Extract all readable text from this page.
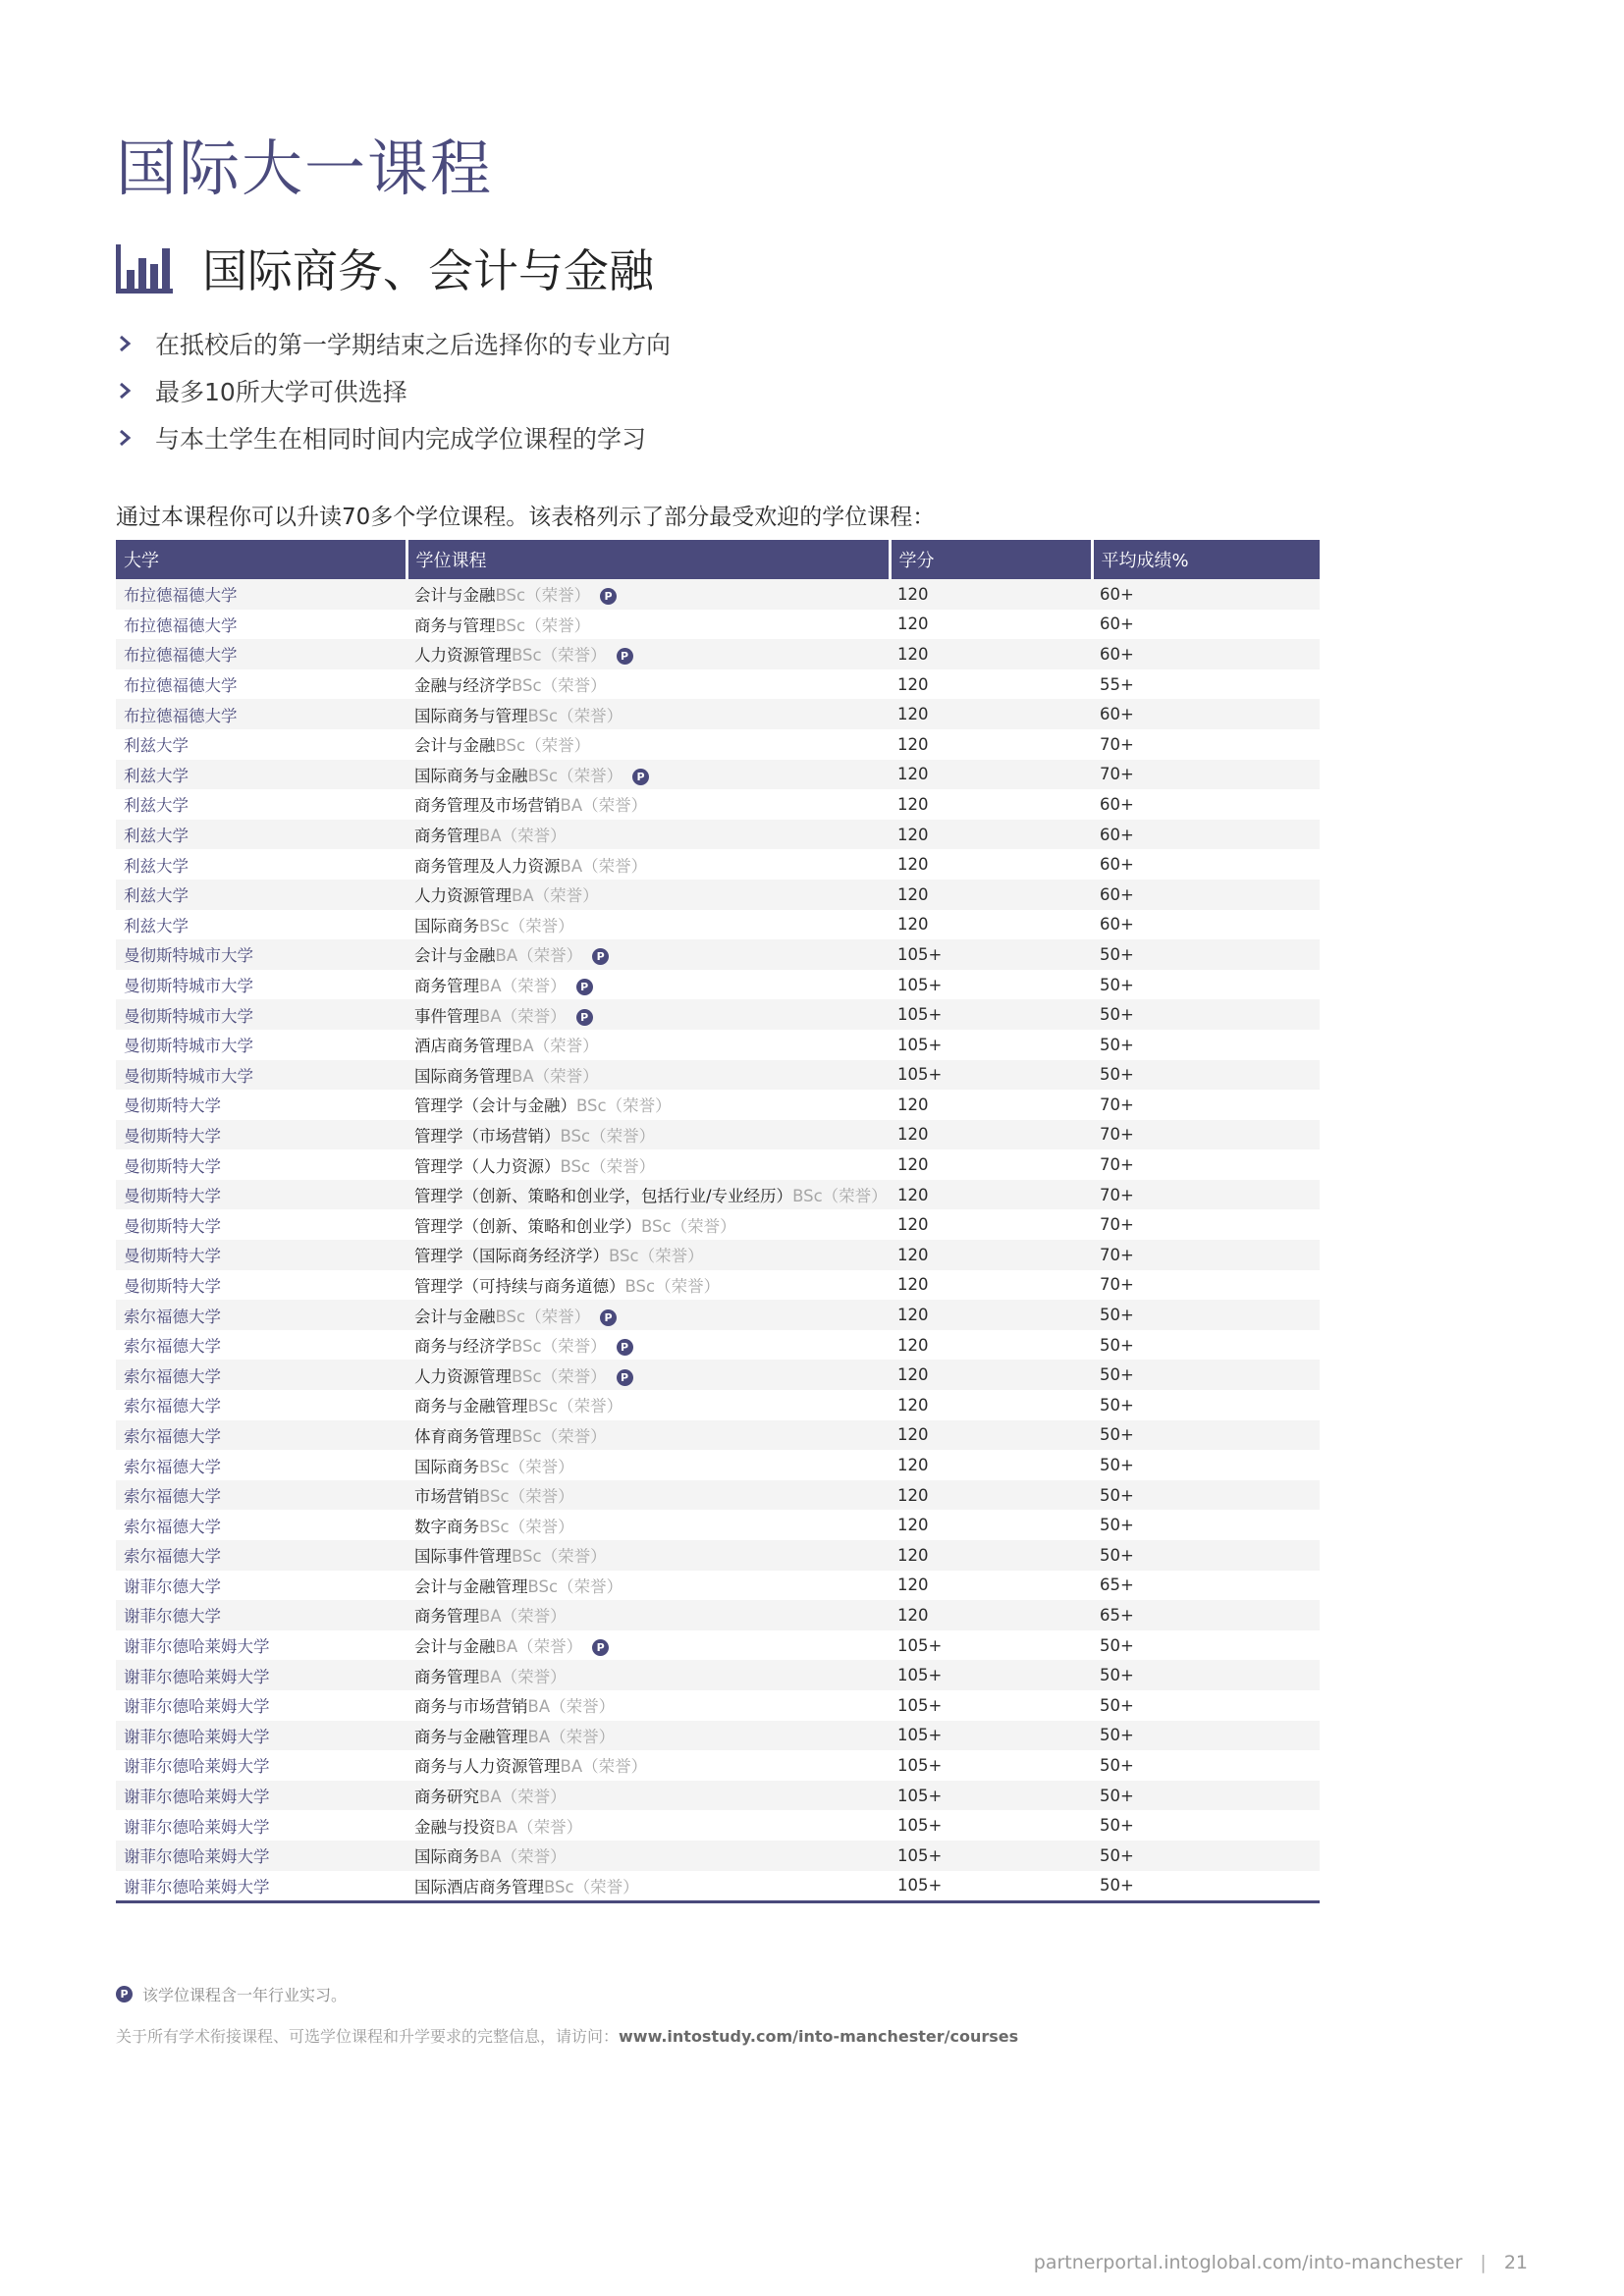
国际大一课程
国际商务、会计与金融
在抵校后的第一学期结束之后选择你的专业方向
最多10所大学可供选择
与本土学生在相同时间内完成学位课程的学习

通过本课程你可以升读70多个学位课程。该表格列示了部分最受欢迎的学位课程：

大学	学位课程	学分	平均成绩%
布拉德福德大学	会计与金融BSc（荣誉） P	120	60+
布拉德福德大学	商务与管理BSc（荣誉）	120	60+
布拉德福德大学	人力资源管理BSc（荣誉） P	120	60+
布拉德福德大学	金融与经济学BSc（荣誉）	120	55+
布拉德福德大学	国际商务与管理BSc（荣誉）	120	60+
利兹大学	会计与金融BSc（荣誉）	120	70+
利兹大学	国际商务与金融BSc（荣誉） P	120	70+
利兹大学	商务管理及市场营销BA（荣誉）	120	60+
利兹大学	商务管理BA（荣誉）	120	60+
利兹大学	商务管理及人力资源BA（荣誉）	120	60+
利兹大学	人力资源管理BA（荣誉）	120	60+
利兹大学	国际商务BSc（荣誉）	120	60+
曼彻斯特城市大学	会计与金融BA（荣誉） P	105+	50+
曼彻斯特城市大学	商务管理BA（荣誉） P	105+	50+
曼彻斯特城市大学	事件管理BA（荣誉） P	105+	50+
曼彻斯特城市大学	酒店商务管理BA（荣誉）	105+	50+
曼彻斯特城市大学	国际商务管理BA（荣誉）	105+	50+
曼彻斯特大学	管理学（会计与金融）BSc（荣誉）	120	70+
曼彻斯特大学	管理学（市场营销）BSc（荣誉）	120	70+
曼彻斯特大学	管理学（人力资源）BSc（荣誉）	120	70+
曼彻斯特大学	管理学（创新、策略和创业学，包括行业/专业经历）BSc（荣誉）	120	70+
曼彻斯特大学	管理学（创新、策略和创业学）BSc（荣誉）	120	70+
曼彻斯特大学	管理学（国际商务经济学）BSc（荣誉）	120	70+
曼彻斯特大学	管理学（可持续与商务道德）BSc（荣誉）	120	70+
索尔福德大学	会计与金融BSc（荣誉） P	120	50+
索尔福德大学	商务与经济学BSc（荣誉） P	120	50+
索尔福德大学	人力资源管理BSc（荣誉） P	120	50+
索尔福德大学	商务与金融管理BSc（荣誉）	120	50+
索尔福德大学	体育商务管理BSc（荣誉）	120	50+
索尔福德大学	国际商务BSc（荣誉）	120	50+
索尔福德大学	市场营销BSc（荣誉）	120	50+
索尔福德大学	数字商务BSc（荣誉）	120	50+
索尔福德大学	国际事件管理BSc（荣誉）	120	50+
谢菲尔德大学	会计与金融管理BSc（荣誉）	120	65+
谢菲尔德大学	商务管理BA（荣誉）	120	65+
谢菲尔德哈莱姆大学	会计与金融BA（荣誉） P	105+	50+
谢菲尔德哈莱姆大学	商务管理BA（荣誉）	105+	50+
谢菲尔德哈莱姆大学	商务与市场营销BA（荣誉）	105+	50+
谢菲尔德哈莱姆大学	商务与金融管理BA（荣誉）	105+	50+
谢菲尔德哈莱姆大学	商务与人力资源管理BA（荣誉）	105+	50+
谢菲尔德哈莱姆大学	商务研究BA（荣誉）	105+	50+
谢菲尔德哈莱姆大学	金融与投资BA（荣誉）	105+	50+
谢菲尔德哈莱姆大学	国际商务BA（荣誉）	105+	50+
谢菲尔德哈莱姆大学	国际酒店商务管理BSc（荣誉）	105+	50+
P 该学位课程含一年行业实习。
关于所有学术衔接课程、可选学位课程和升学要求的完整信息，请访问：www.intostudy.com/into-manchester/courses
partnerportal.intoglobal.com/into-manchester | 21
